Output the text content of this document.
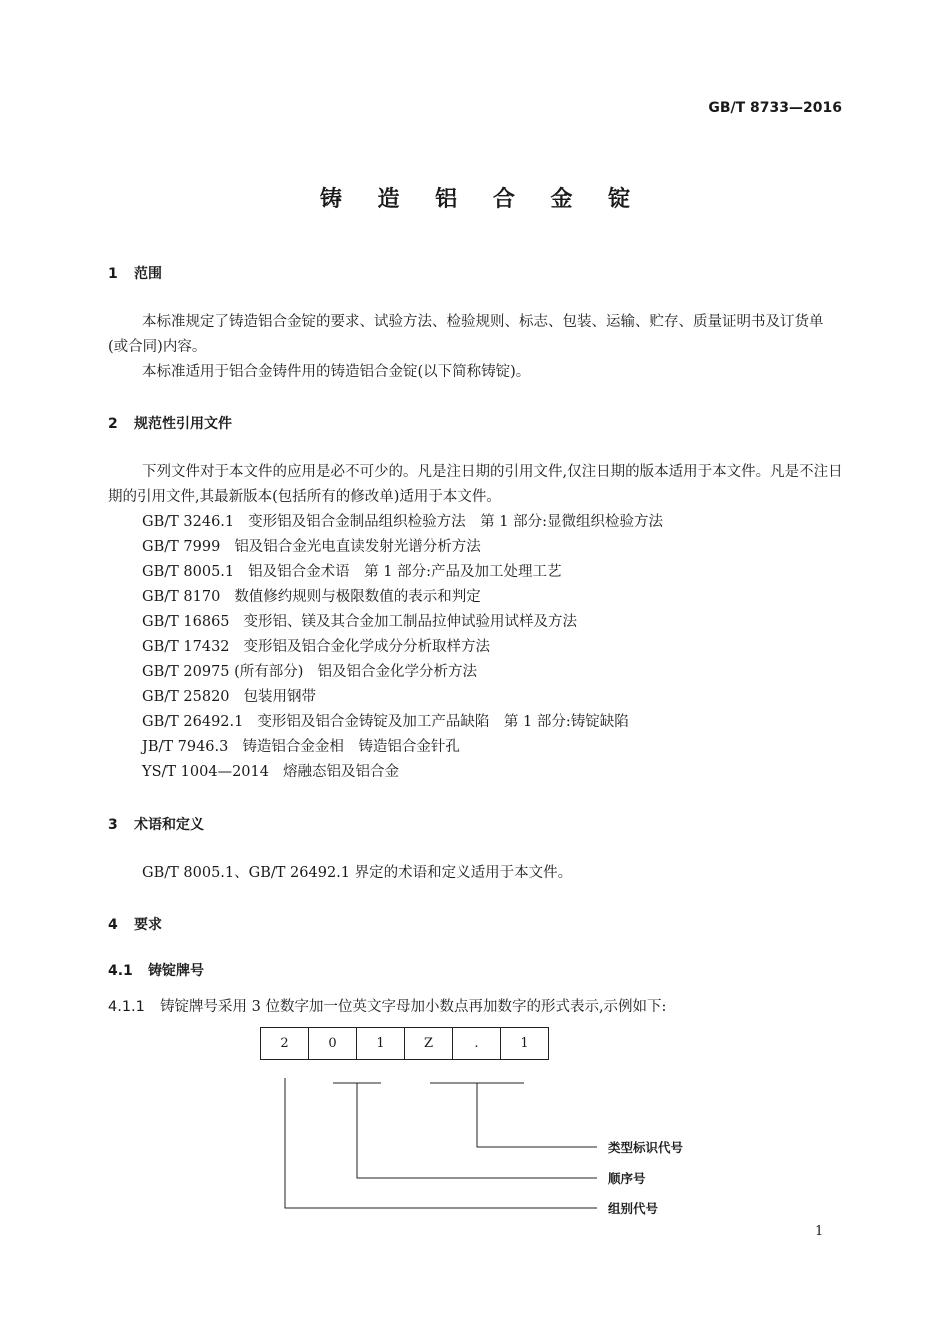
GB/T 8733—2016
铸 造 铝 合 金 锭
1 范围
本标准规定了铸造铝合金锭的要求、试验方法、检验规则、标志、包装、运输、贮存、质量证明书及订货单(或合同)内容。
本标准适用于铝合金铸件用的铸造铝合金锭(以下简称铸锭)。
2 规范性引用文件
下列文件对于本文件的应用是必不可少的。凡是注日期的引用文件,仅注日期的版本适用于本文件。凡是不注日期的引用文件,其最新版本(包括所有的修改单)适用于本文件。
GB/T 3246.1 变形铝及铝合金制品组织检验方法　第 1 部分:显微组织检验方法
GB/T 7999 铝及铝合金光电直读发射光谱分析方法
GB/T 8005.1 铝及铝合金术语　第 1 部分:产品及加工处理工艺
GB/T 8170 数值修约规则与极限数值的表示和判定
GB/T 16865 变形铝、镁及其合金加工制品拉伸试验用试样及方法
GB/T 17432 变形铝及铝合金化学成分分析取样方法
GB/T 20975 (所有部分) 铝及铝合金化学分析方法
GB/T 25820 包装用钢带
GB/T 26492.1 变形铝及铝合金铸锭及加工产品缺陷　第 1 部分:铸锭缺陷
JB/T 7946.3 铸造铝合金金相　铸造铝合金针孔
YS/T 1004—2014 熔融态铝及铝合金
3 术语和定义
GB/T 8005.1、GB/T 26492.1 界定的术语和定义适用于本文件。
4 要求
4.1 铸锭牌号
4.1.1 铸锭牌号采用 3 位数字加一位英文字母加小数点再加数字的形式表示,示例如下:
2	0	1	Z	.	1
类型标识代号
顺序号
组别代号
1
